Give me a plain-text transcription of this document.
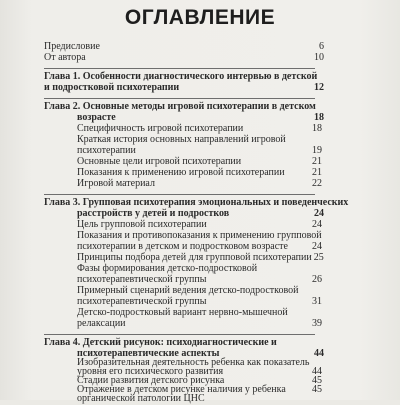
ОГЛАВЛЕНИЕ
Предисловие	6
От автора	10
Глава 1. Особенности диагностического интервью в детской
и подростковой психотерапии	12
Глава 2. Основные методы игровой психотерапии в детском
возрасте	18
Специфичность игровой психотерапии	18
Краткая история основных направлений игровой
психотерапии	19
Основные цели игровой психотерапии	21
Показания к применению игровой психотерапии	21
Игровой материал	22
Глава 3. Групповая психотерапия эмоциональных и поведенческих
расстройств у детей и подростков	24
Цель групповой психотерапии	24
Показания и противопоказания к применению групповой
психотерапии в детском и подростковом возрасте 24
Принципы подбора детей для групповой психотерапии 25
Фазы формирования детско-подростковой
психотерапевтической группы	26
Примерный сценарий ведения детско-подростковой
психотерапевтической группы	31
Детско-подростковый вариант нервно-мышечной
релаксации	39
Глава 4. Детский рисунок: психодиагностические и
психотерапевтические аспекты	44
Изобразительная деятельность ребенка как показатель
уровня его психического развития	44
Стадии развития детского рисунка	45
Отражение в детском рисунке наличия у ребенка	45
органической патологии ЦНС
